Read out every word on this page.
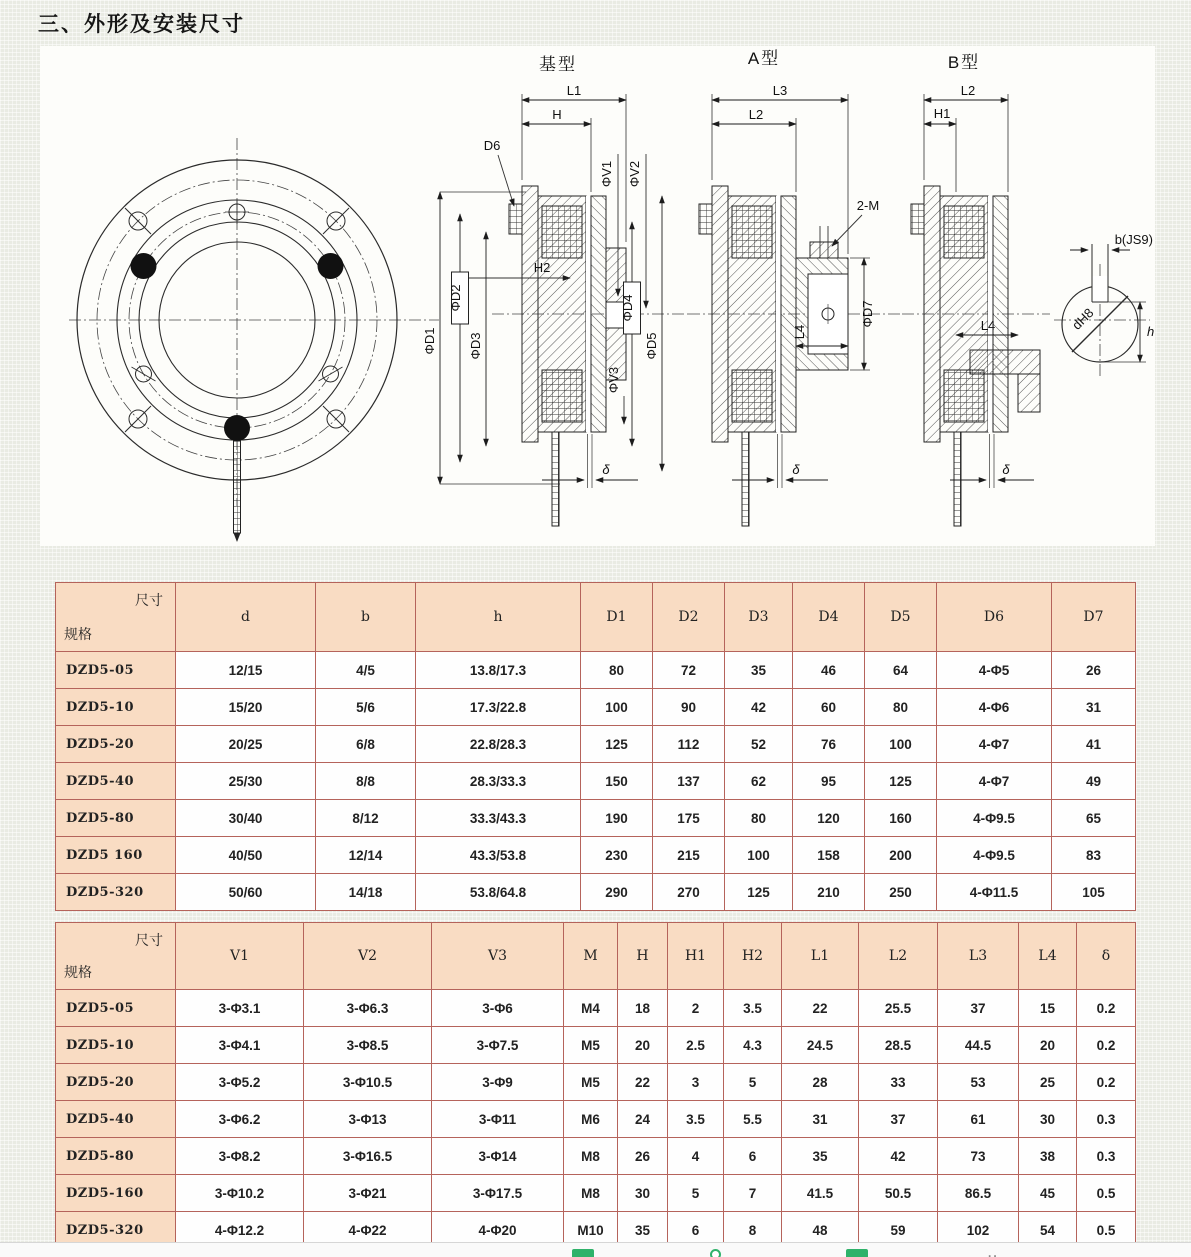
三、外形及安装尺寸
基型
L1
H
D6
ΦV1 ΦV2
H2
ΦD1
ΦD2
ΦD3
ΦD4
ΦD5
ΦV3
δ
A型
L3
L2
2-M
ΦD7
L4
δ
B型
L2
H1
L4
δ
b(JS9)
dH8	h
尺寸
规格	d	b	h	D1	D2	D3	D4	D5	D6	D7
DZD5-05	12/15	4/5	13.8/17.3	80	72	35	46	64	4-Φ5	26
DZD5-10	15/20	5/6	17.3/22.8	100	90	42	60	80	4-Φ6	31
DZD5-20	20/25	6/8	22.8/28.3	125	112	52	76	100	4-Φ7	41
DZD5-40	25/30	8/8	28.3/33.3	150	137	62	95	125	4-Φ7	49
DZD5-80	30/40	8/12	33.3/43.3	190	175	80	120	160	4-Φ9.5	65
DZD5 160	40/50	12/14	43.3/53.8	230	215	100	158	200	4-Φ9.5	83
DZD5-320	50/60	14/18	53.8/64.8	290	270	125	210	250	4-Φ11.5	105
尺寸
规格	V1	V2	V3	M	H	H1	H2	L1	L2	L3	L4	δ
DZD5-05	3-Φ3.1	3-Φ6.3	3-Φ6	M4	18	2	3.5	22	25.5	37	15	0.2
DZD5-10	3-Φ4.1	3-Φ8.5	3-Φ7.5	M5	20	2.5	4.3	24.5	28.5	44.5	20	0.2
DZD5-20	3-Φ5.2	3-Φ10.5	3-Φ9	M5	22	3	5	28	33	53	25	0.2
DZD5-40	3-Φ6.2	3-Φ13	3-Φ11	M6	24	3.5	5.5	31	37	61	30	0.3
DZD5-80	3-Φ8.2	3-Φ16.5	3-Φ14	M8	26	4	6	35	42	73	38	0.3
DZD5-160	3-Φ10.2	3-Φ21	3-Φ17.5	M8	30	5	7	41.5	50.5	86.5	45	0.5
DZD5-320	4-Φ12.2	4-Φ22	4-Φ20	M10	35	6	8	48	59	102	54	0.5
..
